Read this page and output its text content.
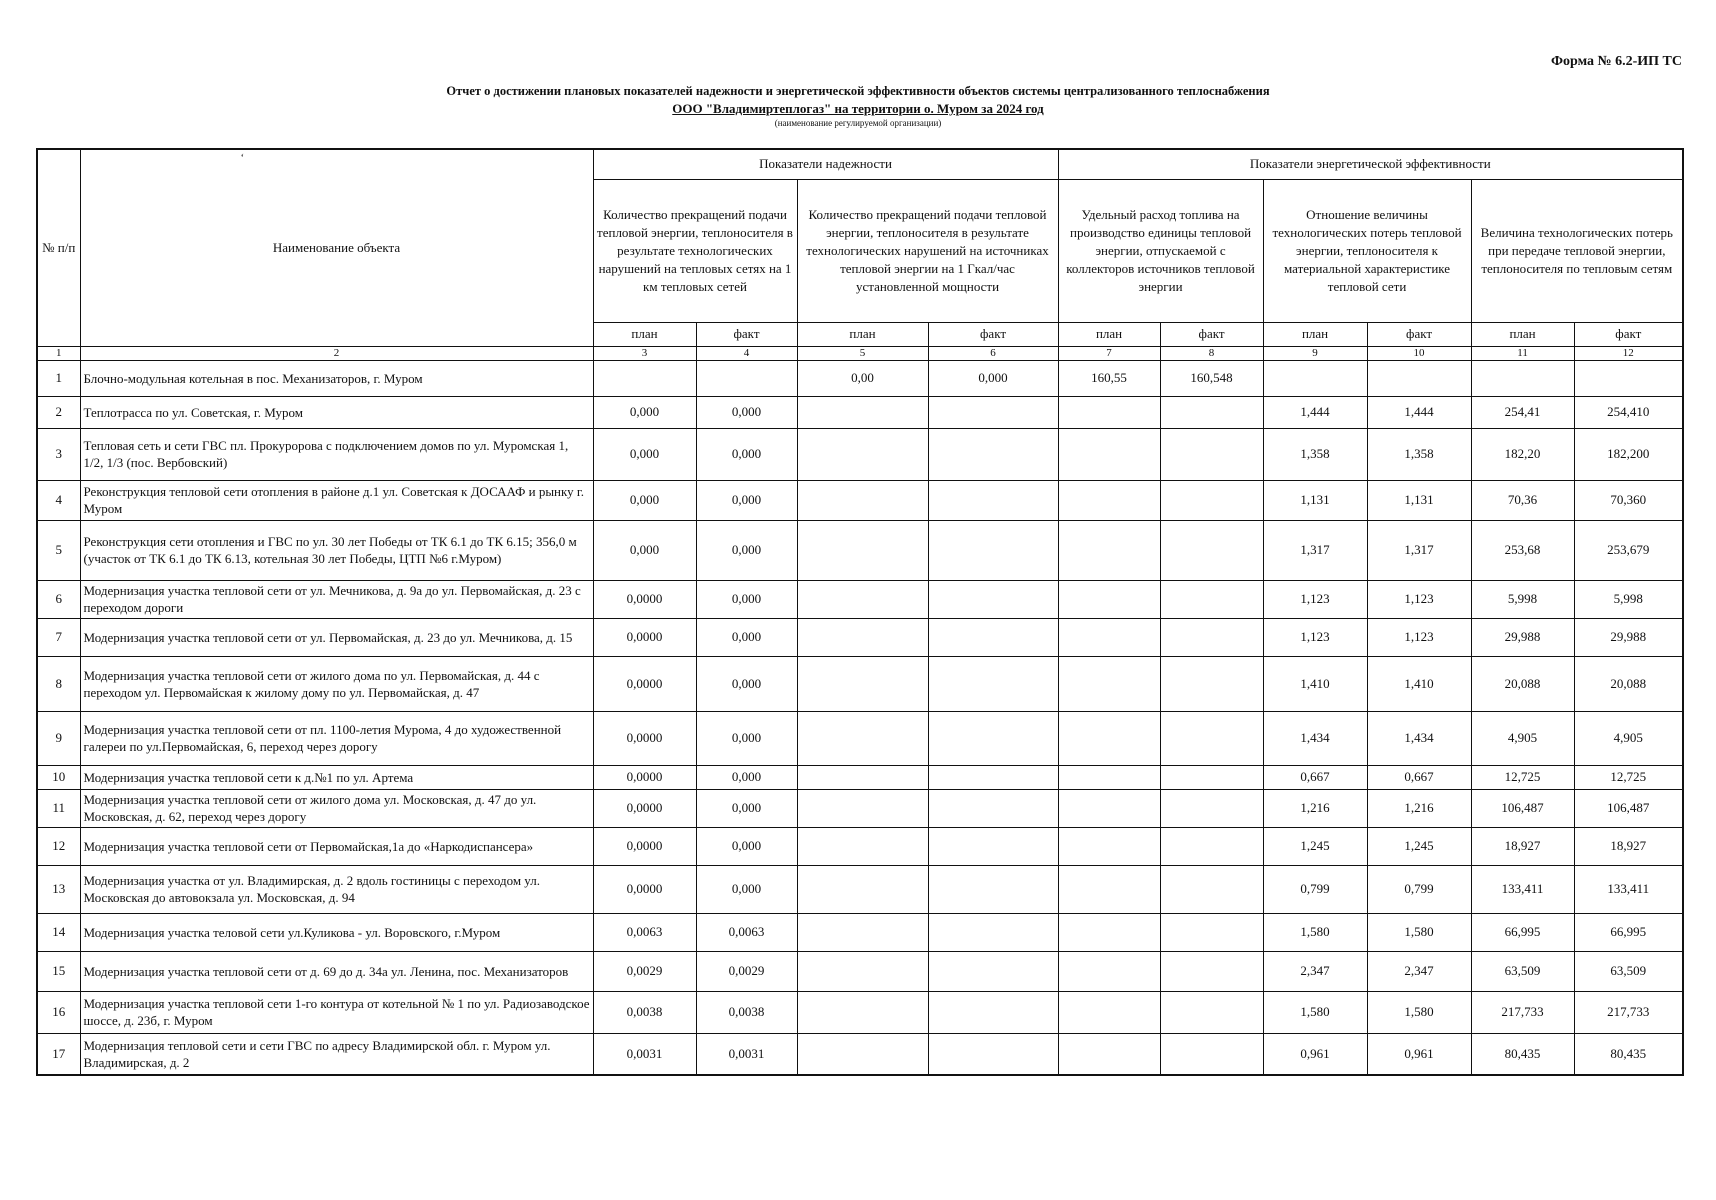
Форма № 6.2-ИП ТС
Отчет о достижении плановых показателей надежности и энергетической эффективности объектов системы централизованного теплоснабжения
ООО "Владимиртеплогаз" на территории о. Муром за 2024 год
(наименование регулируемой организации)
№ п/п	ʻ
Наименование объекта	Показатели надежности				Показатели энергетической эффективности					
		Количество прекращений подачи тепловой энергии, теплоносителя в результате технологических нарушений на тепловых сетях на 1 км тепловых сетей		Количество прекращений подачи тепловой энергии, теплоносителя в результате технологических нарушений на источниках тепловой энергии на 1 Гкал/час установленной мощности		Удельный расход топлива на производство единицы тепловой энергии, отпускаемой с коллекторов источников тепловой энергии		Отношение величины технологических потерь тепловой энергии, теплоносителя к материальной характеристике тепловой сети		Величина технологических потерь при передаче тепловой энергии, теплоносителя по тепловым сетям	
		план	факт	план	факт	план	факт	план	факт	план	факт
1	2	3	4	5	6	7	8	9	10	11	12
1	Блочно-модульная котельная в пос. Механизаторов, г. Муром			0,00	0,000	160,55	160,548				
2	Теплотрасса по ул. Советская, г. Муром	0,000	0,000					1,444	1,444	254,41	254,410
3	Тепловая сеть и сети ГВС пл. Прокуророва с подключением домов по ул. Муромская 1, 1/2, 1/3 (пос. Вербовский)	0,000	0,000					1,358	1,358	182,20	182,200
4	Реконструкция тепловой сети отопления в районе д.1 ул. Советская к ДОСААФ и рынку г. Муром	0,000	0,000					1,131	1,131	70,36	70,360
5	Реконструкция сети отопления и ГВС по ул. 30 лет Победы от ТК 6.1 до ТК 6.15; 356,0 м (участок от ТК 6.1 до ТК 6.13, котельная 30 лет Победы, ЦТП №6 г.Муром)	0,000	0,000					1,317	1,317	253,68	253,679
6	Модернизация участка тепловой сети от ул. Мечникова, д. 9а до ул. Первомайская, д. 23 с переходом дороги	0,0000	0,000					1,123	1,123	5,998	5,998
7	Модернизация участка тепловой сети от ул. Первомайская, д. 23 до ул. Мечникова, д. 15	0,0000	0,000					1,123	1,123	29,988	29,988
8	Модернизация участка тепловой сети от жилого дома по ул. Первомайская, д. 44 с переходом ул. Первомайская к жилому дому по ул. Первомайская, д. 47	0,0000	0,000					1,410	1,410	20,088	20,088
9	Модернизация участка тепловой сети от пл. 1100-летия Мурома, 4 до художественной галереи по ул.Первомайская, 6, переход через дорогу	0,0000	0,000					1,434	1,434	4,905	4,905
10	Модернизация участка тепловой сети к д.№1 по ул. Артема	0,0000	0,000					0,667	0,667	12,725	12,725
11	Модернизация участка тепловой сети от жилого дома ул. Московская, д. 47 до ул. Московская, д. 62, переход через дорогу	0,0000	0,000					1,216	1,216	106,487	106,487
12	Модернизация участка тепловой сети от Первомайская,1а до «Наркодиспансера»	0,0000	0,000					1,245	1,245	18,927	18,927
13	Модернизация участка от ул. Владимирская, д. 2 вдоль гостиницы с переходом ул. Московская до автовокзала ул. Московская, д. 94	0,0000	0,000					0,799	0,799	133,411	133,411
14	Модернизация участка теловой сети ул.Куликова - ул. Воровского, г.Муром	0,0063	0,0063					1,580	1,580	66,995	66,995
15	Модернизация участка тепловой сети от д. 69 до д. 34а ул. Ленина, пос. Механизаторов	0,0029	0,0029					2,347	2,347	63,509	63,509
16	Модернизация участка тепловой сети 1-го контура от котельной № 1 по ул. Радиозаводское шоссе, д. 23б, г. Муром	0,0038	0,0038					1,580	1,580	217,733	217,733
17	Модернизация тепловой сети и сети ГВС по адресу Владимирской обл. г. Муром ул. Владимирская, д. 2	0,0031	0,0031					0,961	0,961	80,435	80,435
